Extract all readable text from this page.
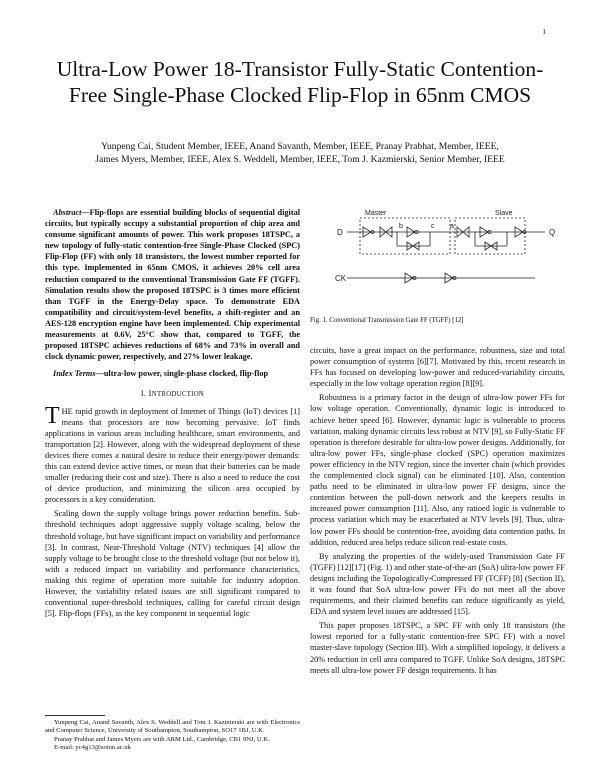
1
Ultra-Low Power 18-Transistor Fully-Static Contention-Free Single-Phase Clocked Flip-Flop in 65nm CMOS
Yunpeng Cai, Student Member, IEEE, Anand Savanth, Member, IEEE, Pranay Prabhat, Member, IEEE,
James Myers, Member, IEEE, Alex S. Weddell, Member, IEEE, Tom J. Kazmierski, Senior Member, IEEE

Abstract—Flip-flops are essential building blocks of sequential digital circuits, but typically occupy a substantial proportion of chip area and consume significant amounts of power. This work proposes 18TSPC, a new topology of fully-static contention-free Single-Phase Clocked (SPC) Flip-Flop (FF) with only 18 transistors, the lowest number reported for this type. Implemented in 65nm CMOS, it achieves 20% cell area reduction compared to the conventional Transmission Gate FF (TGFF). Simulation results show the proposed 18TSPC is 3 times more efficient than TGFF in the Energy-Delay space. To demonstrate EDA compatibility and circuit/system-level benefits, a shift-register and an AES-128 encryption engine have been implemented. Chip experimental measurements at 0.6V, 25°C show that, compared to TGFF, the proposed 18TSPC achieves reductions of 68% and 73% in overall and clock dynamic power, respectively, and 27% lower leakage.

Index Terms—ultra-low power, single-phase clocked, flip-flop

I. INTRODUCTION

THE rapid growth in deployment of Internet of Things (IoT) devices [1] means that processors are now becoming pervasive. IoT finds applications in various areas including healthcare, smart environments, and transportation [2]. However, along with the widespread deployment of these devices there comes a natural desire to reduce their energy/power demands: this can extend device active times, or mean that their batteries can be made smaller (reducing their cost and size). There is also a need to reduce the cost of device production, and minimizing the silicon area occupied by processors is a key consideration.

Scaling down the supply voltage brings power reduction benefits. Sub-threshold techniques adopt aggressive supply voltage scaling, below the threshold voltage, but have significant impact on variability and performance [3]. In contrast, Near-Threshold Voltage (NTV) techniques [4] allow the supply voltage to be brought close to the threshold voltage (but not below it), with a reduced impact on variability and performance characteristics, making this regime of operation more suitable for industry adoption. However, the variability related issues are still significant compared to conventional super-threshold techniques, calling for careful circuit design [5]. Flip-flops (FFs), as the key component in sequential logic

Yunpeng Cai, Anand Savanth, Alex S. Weddell and Tom J. Kazmierski are with Electronics and Computer Science, University of Southampton, Southampton, SO17 1BJ, U.K.

Pranay Prabhat and James Myers are with ARM Ltd., Cambridge, CB1 9NJ, U.K.

E-mail: yc4g13@soton.ac.uk

Master	Slave
D	Q
CK
a
b	c
Fig. 1. Conventional Transmission Gate FF (TGFF) [12]

circuits, have a great impact on the performance, robustness, size and total power consumption of systems [6][7]. Motivated by this, recent research in FFs has focused on developing low-power and reduced-variability circuits, especially in the low voltage operation region [8][9].

Robustness is a primary factor in the design of ultra-low power FFs for low voltage operation. Conventionally, dynamic logic is introduced to achieve better speed [6]. However, dynamic logic is vulnerable to process variation, making dynamic circuits less robust at NTV [9], so Fully-Static FF operation is therefore desirable for ultra-low power designs. Additionally, for ultra-low power FFs, single-phase clocked (SPC) operation maximizes power efficiency in the NTV region, since the inverter chain (which provides the complemented clock signal) can be eliminated [10]. Also, contention paths need to be eliminated in ultra-low power FF designs, since the contention between the pull-down network and the keepers results in increased power consumption [11]. Also, any ratioed logic is vulnerable to process variation which may be exacerbated at NTV levels [9]. Thus, ultra-low power FFs should be contention-free, avoiding data contention paths. In addition, reduced area helps reduce silicon real-estate costs.

By analyzing the properties of the widely-used Transmission Gate FF (TGFF) [12][17] (Fig. 1) and other state-of-the-art (SoA) ultra-low power FF designs including the Topologically-Compressed FF (TCFF) [8] (Section II), it was found that SoA ultra-low power FFs do not meet all the above requirements, and their claimed benefits can reduce significantly as yield, EDA and system level issues are addressed [15].

This paper proposes 18TSPC, a SPC FF with only 18 transistors (the lowest reported for a fully-static contention-free SPC FF) with a novel master-slave topology (Section III). With a simplified topology, it delivers a 20% reduction in cell area compared to TGFF. Unlike SoA designs, 18TSPC meets all ultra-low power FF design requirements. It has
